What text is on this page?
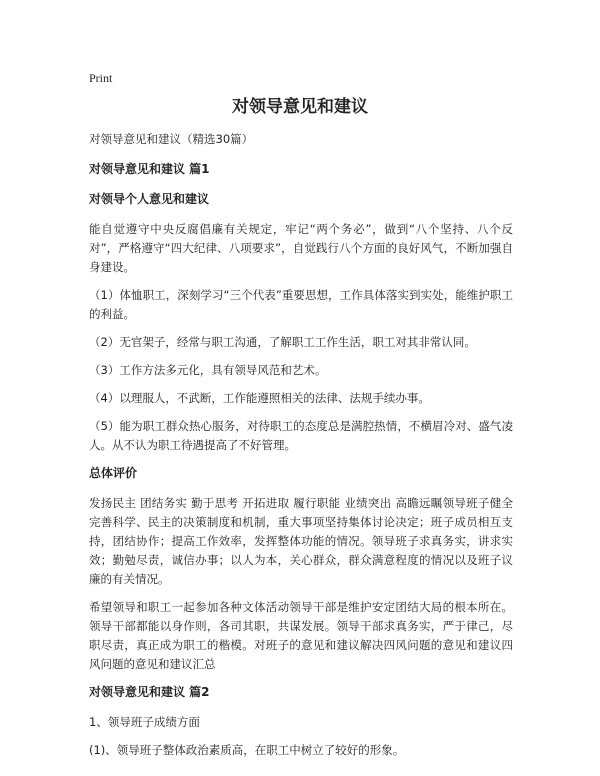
Print
对领导意见和建议

对领导意见和建议（精选30篇）

对领导意见和建议 篇1

对领导个人意见和建议

能自觉遵守中央反腐倡廉有关规定，牢记“两个务必”，做到“八个坚持、八个反对”，严格遵守“四大纪律、八项要求”，自觉践行八个方面的良好风气，不断加强自身建设。

（1）体恤职工，深刻学习“三个代表”重要思想，工作具体落实到实处，能维护职工的利益。

（2）无官架子，经常与职工沟通，了解职工工作生活，职工对其非常认同。

（3）工作方法多元化，具有领导风范和艺术。

（4）以理服人，不武断，工作能遵照相关的法律、法规手续办事。

（5）能为职工群众热心服务，对待职工的态度总是满腔热情，不横眉冷对、盛气凌人。从不认为职工待遇提高了不好管理。

总体评价

发扬民主 团结务实 勤于思考 开拓进取 履行职能 业绩突出 高瞻远瞩领导班子健全完善科学、民主的决策制度和机制，重大事项坚持集体讨论决定；班子成员相互支持，团结协作；提高工作效率，发挥整体功能的情况。领导班子求真务实，讲求实效；勤勉尽责，诚信办事；以人为本，关心群众，群众满意程度的情况以及班子议廉的有关情况。

希望领导和职工一起参加各种文体活动领导干部是维护安定团结大局的根本所在。领导干部都能以身作则，各司其职，共谋发展。领导干部求真务实，严于律己，尽职尽责，真正成为职工的楷模。对班子的意见和建议解决四风问题的意见和建议四风问题的意见和建议汇总

对领导意见和建议 篇2

1、领导班子成绩方面

(1)、领导班子整体政治素质高，在职工中树立了较好的形象。
